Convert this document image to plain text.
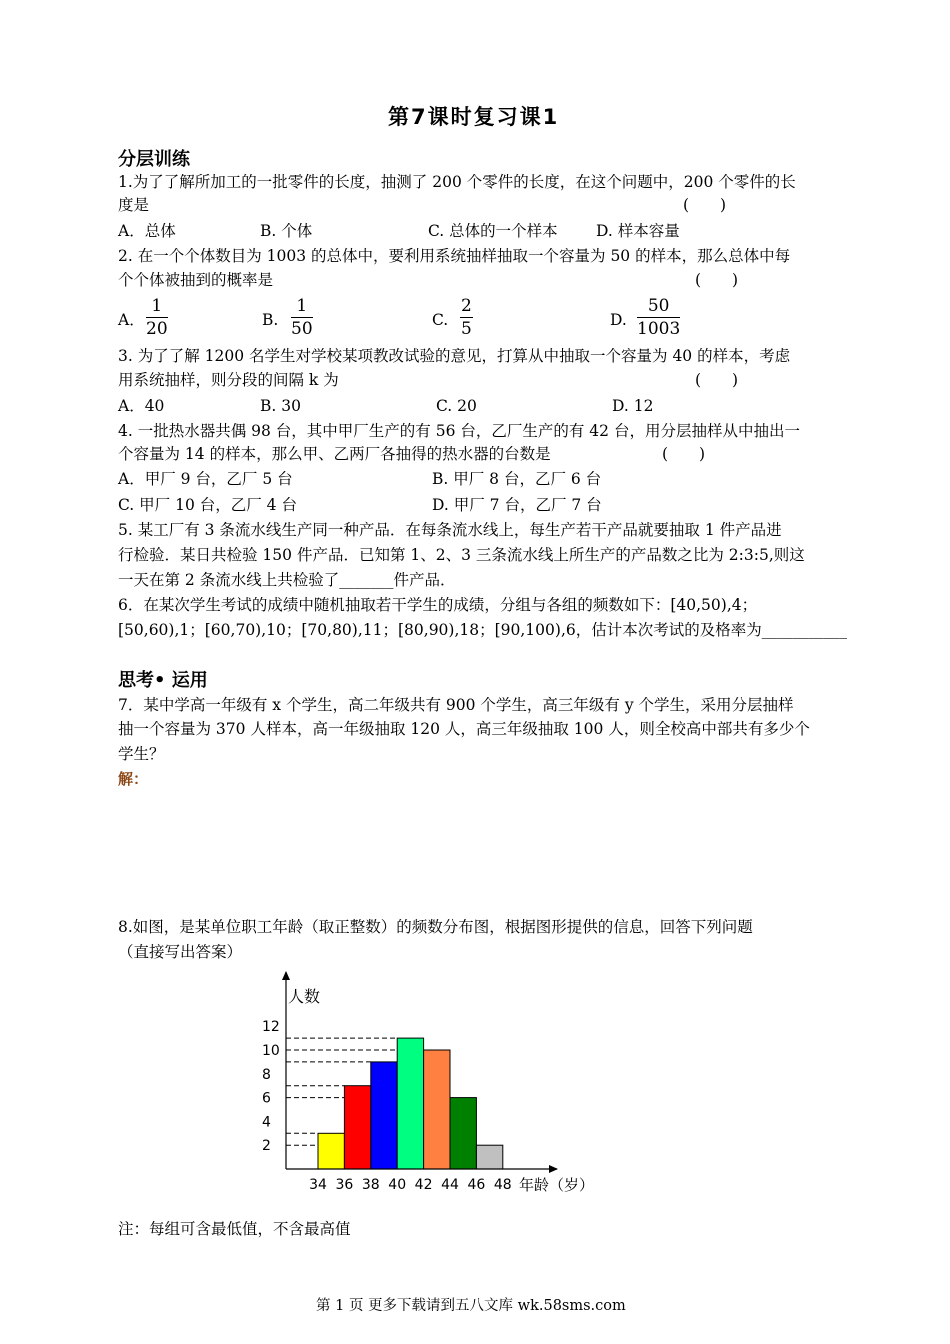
第7课时复习课1
分层训练
1.为了了解所加工的一批零件的长度，抽测了 200 个零件的长度，在这个问题中，200 个零件的长
度是	(　　)
A．总体	B. 个体	C. 总体的一个样本 D. 样本容量
2. 在一个个体数目为 1003 的总体中，要利用系统抽样抽取一个容量为 50 的样本，那么总体中每
个个体被抽到的概率是	(　　)
A． $\frac{1}{20}$	B. $\frac{1}{50}$	C. $\frac{2}{5}$	D. $\frac{50}{1003}$
3. 为了了解 1200 名学生对学校某项教改试验的意见，打算从中抽取一个容量为 40 的样本，考虑
用系统抽样，则分段的间隔 k 为	(　　)
A．40	B. 30	C. 20	D. 12
4. 一批热水器共偶 98 台，其中甲厂生产的有 56 台，乙厂生产的有 42 台，用分层抽样从中抽出一
个容量为 14 的样本，那么甲、乙两厂各抽得的热水器的台数是	(　　)
A．甲厂 9 台，乙厂 5 台	B. 甲厂 8 台，乙厂 6 台
C. 甲厂 10 台，乙厂 4 台	D. 甲厂 7 台，乙厂 7 台
5. 某工厂有 3 条流水线生产同一种产品．在每条流水线上，每生产若干产品就要抽取 1 件产品进
行检验．某日共检验 150 件产品．已知第 1、2、3 三条流水线上所生产的产品数之比为 2:3:5,则这
一天在第 2 条流水线上共检验了_______件产品．
6．在某次学生考试的成绩中随机抽取若干学生的成绩，分组与各组的频数如下：[40,50),4；
[50,60),1；[60,70),10；[70,80),11；[80,90),18；[90,100),6，估计本次考试的及格率为___________
思考• 运用
7．某中学高一年级有 x 个学生，高二年级共有 900 个学生，高三年级有 y 个学生，采用分层抽样
抽一个容量为 370 人样本，高一年级抽取 120 人，高三年级抽取 100 人，则全校高中部共有多少个
学生？
解：
8.如图，是某单位职工年龄（取正整数）的频数分布图，根据图形提供的信息，回答下列问题
（直接写出答案）
人数
年龄（岁）
2
4
6
8
10
12
34 36 38 40 42 44 46 48
注：每组可含最低值，不含最高值
第 1 页 更多下载请到五八文库 wk.58sms.com
